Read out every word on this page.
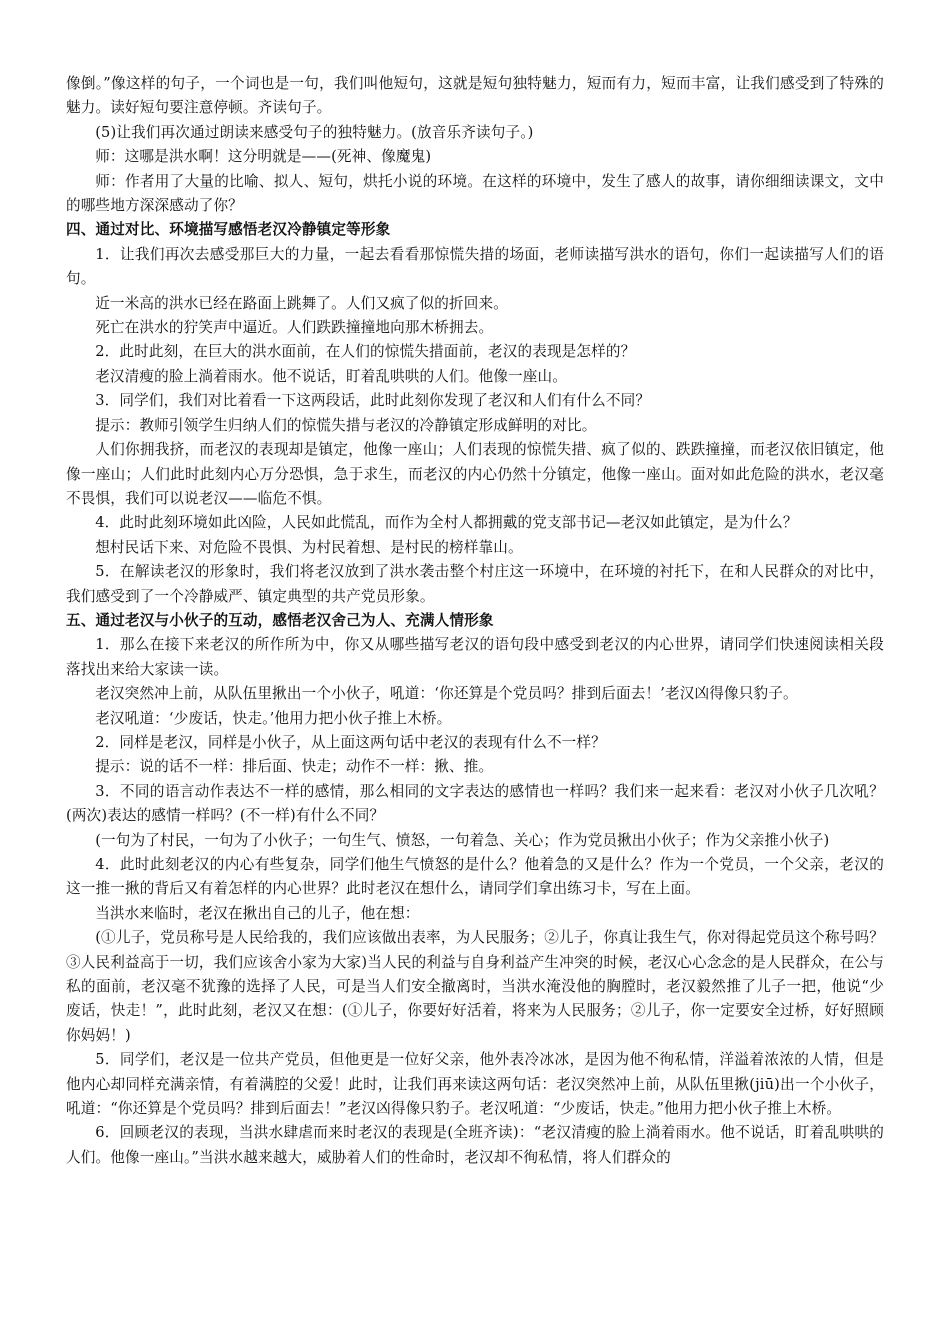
像倒。”像这样的句子，一个词也是一句，我们叫他短句，这就是短句独特魅力，短而有力，短而丰富，让我们感受到了特殊的魅力。读好短句要注意停顿。齐读句子。

(5)让我们再次通过朗读来感受句子的独特魅力。(放音乐齐读句子。)

师：这哪是洪水啊！这分明就是——(死神、像魔鬼)

师：作者用了大量的比喻、拟人、短句，烘托小说的环境。在这样的环境中，发生了感人的故事，请你细细读课文，文中的哪些地方深深感动了你？

四、通过对比、环境描写感悟老汉冷静镇定等形象

1．让我们再次去感受那巨大的力量，一起去看看那惊慌失措的场面，老师读描写洪水的语句，你们一起读描写人们的语句。

近一米高的洪水已经在路面上跳舞了。人们又疯了似的折回来。

死亡在洪水的狞笑声中逼近。人们跌跌撞撞地向那木桥拥去。

2．此时此刻，在巨大的洪水面前，在人们的惊慌失措面前，老汉的表现是怎样的？

老汉清瘦的脸上淌着雨水。他不说话，盯着乱哄哄的人们。他像一座山。

3．同学们，我们对比着看一下这两段话，此时此刻你发现了老汉和人们有什么不同？

提示：教师引领学生归纳人们的惊慌失措与老汉的冷静镇定形成鲜明的对比。

人们你拥我挤，而老汉的表现却是镇定，他像一座山；人们表现的惊慌失措、疯了似的、跌跌撞撞，而老汉依旧镇定，他像一座山；人们此时此刻内心万分恐惧，急于求生，而老汉的内心仍然十分镇定，他像一座山。面对如此危险的洪水，老汉毫不畏惧，我们可以说老汉——临危不惧。

4．此时此刻环境如此凶险，人民如此慌乱，而作为全村人都拥戴的党支部书记—老汉如此镇定，是为什么？

想村民话下来、对危险不畏惧、为村民着想、是村民的榜样靠山。

5．在解读老汉的形象时，我们将老汉放到了洪水袭击整个村庄这一环境中，在环境的衬托下，在和人民群众的对比中，我们感受到了一个冷静威严、镇定典型的共产党员形象。

五、通过老汉与小伙子的互动，感悟老汉舍己为人、充满人情形象

1．那么在接下来老汉的所作所为中，你又从哪些描写老汉的语句段中感受到老汉的内心世界，请同学们快速阅读相关段落找出来给大家读一读。

老汉突然冲上前，从队伍里揪出一个小伙子，吼道：‘你还算是个党员吗？排到后面去！’老汉凶得像只豹子。

老汉吼道：‘少废话，快走。’他用力把小伙子推上木桥。

2．同样是老汉，同样是小伙子，从上面这两句话中老汉的表现有什么不一样？

提示：说的话不一样：排后面、快走；动作不一样：揪、推。

3．不同的语言动作表达不一样的感情，那么相同的文字表达的感情也一样吗？我们来一起来看：老汉对小伙子几次吼？(两次)表达的感情一样吗？(不一样)有什么不同？

(一句为了村民，一句为了小伙子；一句生气、愤怒，一句着急、关心；作为党员揪出小伙子；作为父亲推小伙子)

4．此时此刻老汉的内心有些复杂，同学们他生气愤怒的是什么？他着急的又是什么？作为一个党员，一个父亲，老汉的这一推一揪的背后又有着怎样的内心世界？此时老汉在想什么，请同学们拿出练习卡，写在上面。

当洪水来临时，老汉在揪出自己的儿子，他在想：

(①儿子，党员称号是人民给我的，我们应该做出表率，为人民服务；②儿子，你真让我生气，你对得起党员这个称号吗？③人民利益高于一切，我们应该舍小家为大家)当人民的利益与自身利益产生冲突的时候，老汉心心念念的是人民群众，在公与私的面前，老汉毫不犹豫的选择了人民，可是当人们安全撤离时，当洪水淹没他的胸膛时，老汉毅然推了儿子一把，他说“少废话，快走！”，此时此刻，老汉又在想：(①儿子，你要好好活着，将来为人民服务；②儿子，你一定要安全过桥，好好照顾你妈妈！)

5．同学们，老汉是一位共产党员，但他更是一位好父亲，他外表冷冰冰，是因为他不徇私情，洋溢着浓浓的人情，但是他内心却同样充满亲情，有着满腔的父爱！此时，让我们再来读这两句话：老汉突然冲上前，从队伍里揪(jiū)出一个小伙子，吼道：“你还算是个党员吗？排到后面去！”老汉凶得像只豹子。老汉吼道：“少废话，快走。”他用力把小伙子推上木桥。

6．回顾老汉的表现，当洪水肆虐而来时老汉的表现是(全班齐读)：“老汉清瘦的脸上淌着雨水。他不说话，盯着乱哄哄的人们。他像一座山。”当洪水越来越大，威胁着人们的性命时，老汉却不徇私情，将人们群众的
